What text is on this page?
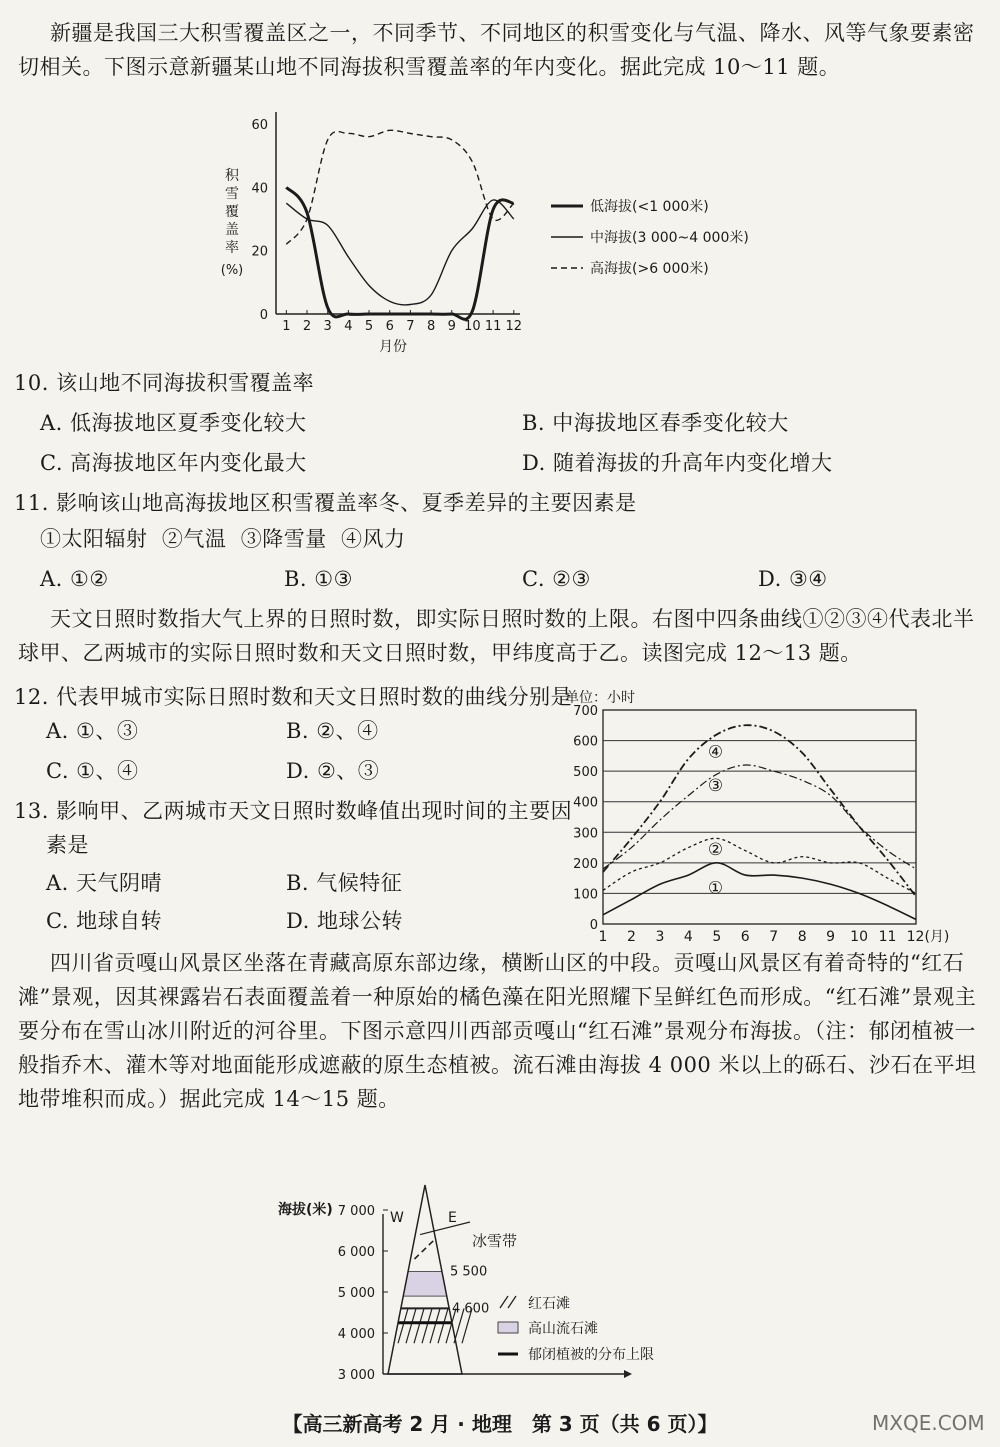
新疆是我国三大积雪覆盖区之一，不同季节、不同地区的积雪变化与气温、降水、风等气象要素密切相关。下图示意新疆某山地不同海拔积雪覆盖率的年内变化。据此完成 10～11 题。
0
20
40
60
1 2 3 4 5 6 7 8 9 10 11 12
月份
积
雪
覆
盖
率
(%)
低海拔(<1 000米)
中海拔(3 000~4 000米)
高海拔(>6 000米)
0
100
200
300
400
500
600
700
1 2 3 4 5 6 7 8 9 10 11 12(月)
单位：小时
①
②
③
④
海拔(米)
3 000
4 000
5 000
6 000
7 000 W	E
5 500
4 600
冰雪带
红石滩
高山流石滩
郁闭植被的分布上限
MXQE.COM
10. 该山地不同海拔积雪覆盖率
A. 低海拔地区夏季变化较大	B. 中海拔地区春季变化较大
C. 高海拔地区年内变化最大	D. 随着海拔的升高年内变化增大
11. 影响该山地高海拔地区积雪覆盖率冬、夏季差异的主要因素是
①太阳辐射  ②气温  ③降雪量  ④风力
A. ①②	B. ①③	C. ②③	D. ③④
天文日照时数指大气上界的日照时数，即实际日照时数的上限。右图中四条曲线①②③④代表北半球甲、乙两城市的实际日照时数和天文日照时数，甲纬度高于乙。读图完成 12～13 题。
12. 代表甲城市实际日照时数和天文日照时数的曲线分别是
A. ①、③	B. ②、④
C. ①、④	D. ②、③
13. 影响甲、乙两城市天文日照时数峰值出现时间的主要因
素是
A. 天气阴晴	B. 气候特征
C. 地球自转	D. 地球公转
四川省贡嘎山风景区坐落在青藏高原东部边缘，横断山区的中段。贡嘎山风景区有着奇特的“红石滩”景观，因其裸露岩石表面覆盖着一种原始的橘色藻在阳光照耀下呈鲜红色而形成。“红石滩”景观主要分布在雪山冰川附近的河谷里。下图示意四川西部贡嘎山“红石滩”景观分布海拔。（注：郁闭植被一般指乔木、灌木等对地面能形成遮蔽的原生态植被。流石滩由海拔 4 000 米以上的砾石、沙石在平坦地带堆积而成。）据此完成 14～15 题。
【高三新高考 2 月 · 地理　第 3 页（共 6 页）】
